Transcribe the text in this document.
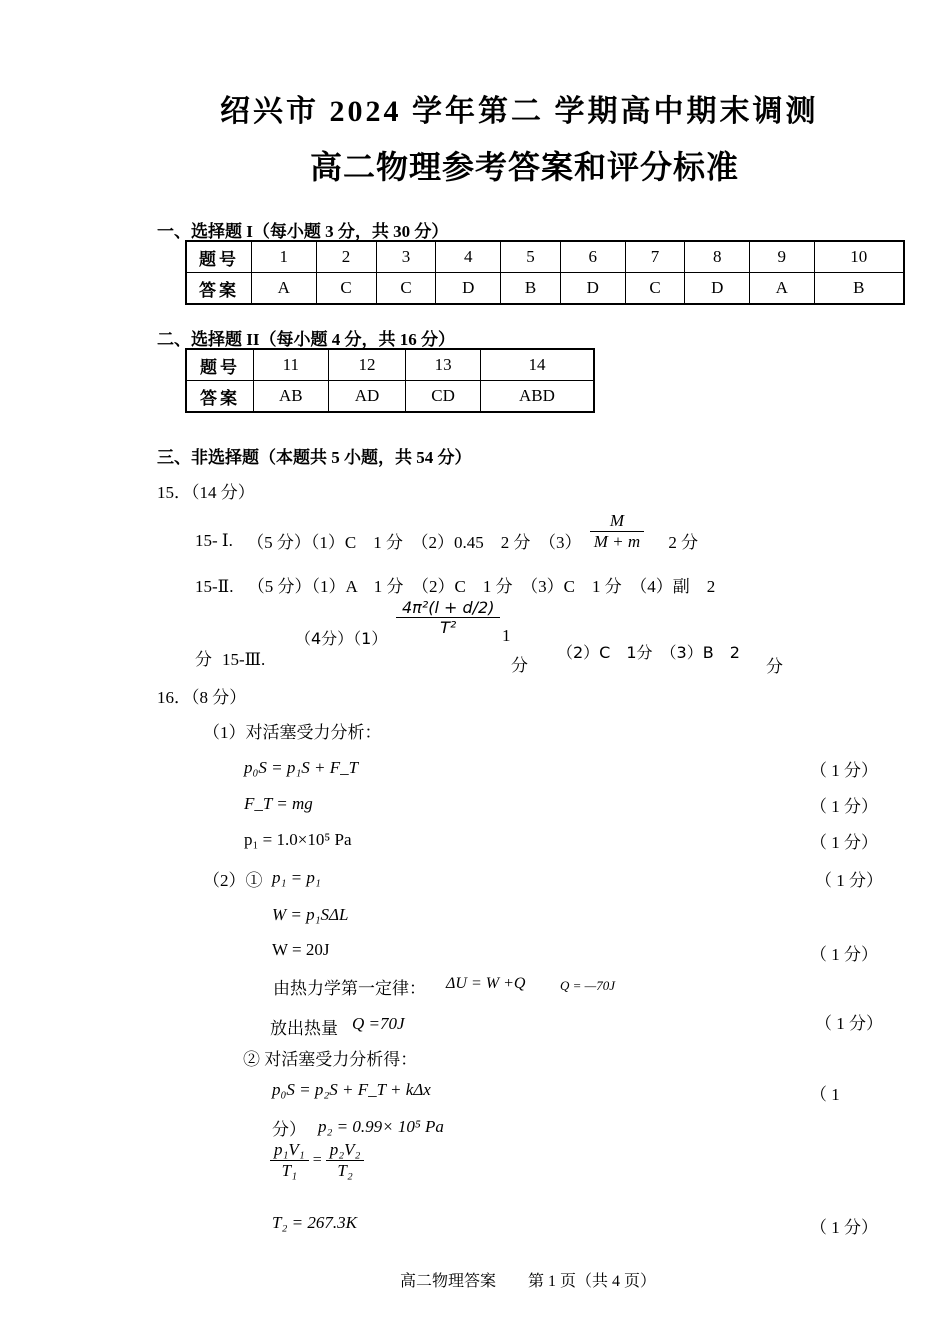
绍兴市 2024 学年第二 学期高中期末调测
高二物理参考答案和评分标准
一、选择题 I（每小题 3 分，共 30 分）
题号	1	2	3	4	5	6	7	8	9	10
答案	A	C	C	D	B	D	C	D	A	B
二、选择题 II（每小题 4 分，共 16 分）
题号	11	12	13	14
答案	AB	AD	CD	ABD
三、非选择题（本题共 5 小题，共 54 分）
15．（14 分）
15- Ⅰ. （5 分）（1）C　1 分　（2）0.45　2 分　$(3) \frac{M}{M + m} 2$ 分
15-Ⅱ. （5 分）（1）A　1 分　（2）C　1 分　（3）C　1 分　（4）副　2
分 15-Ⅲ.
（4分）（1）
$\frac{\text{4π²(l + d/2)}}{\text{T²}} 1$
分
（2）C　1分　（3）B　2
分
16．（8 分）
（1）对活塞受力分析：
p₀S = p₁S + F_T	（ 1 分）
F_T = mg	（ 1 分）
p₁ = 1.0×10⁵ Pa	（ 1 分）
（2）① p₁ = p₁	（ 1 分）
W = p₁SΔL
W = 20J	（ 1 分）
由热力学第一定律： ΔU = W +Q	Q = —70J
放出热量 Q =70J	（ 1 分）
② 对活塞受力分析得：
p₀S = p₂S + F_T + kΔx	（ 1
分） p₂ = 0.99× 10⁵ Pa
$\frac{\text{p₁V₁}}{\text{T₁}} = \frac{\text{p₂V₂}}{\text{T₂}}$
T₂ = 267.3K	（ 1 分）
高二物理答案　　第 1 页（共 4 页）
